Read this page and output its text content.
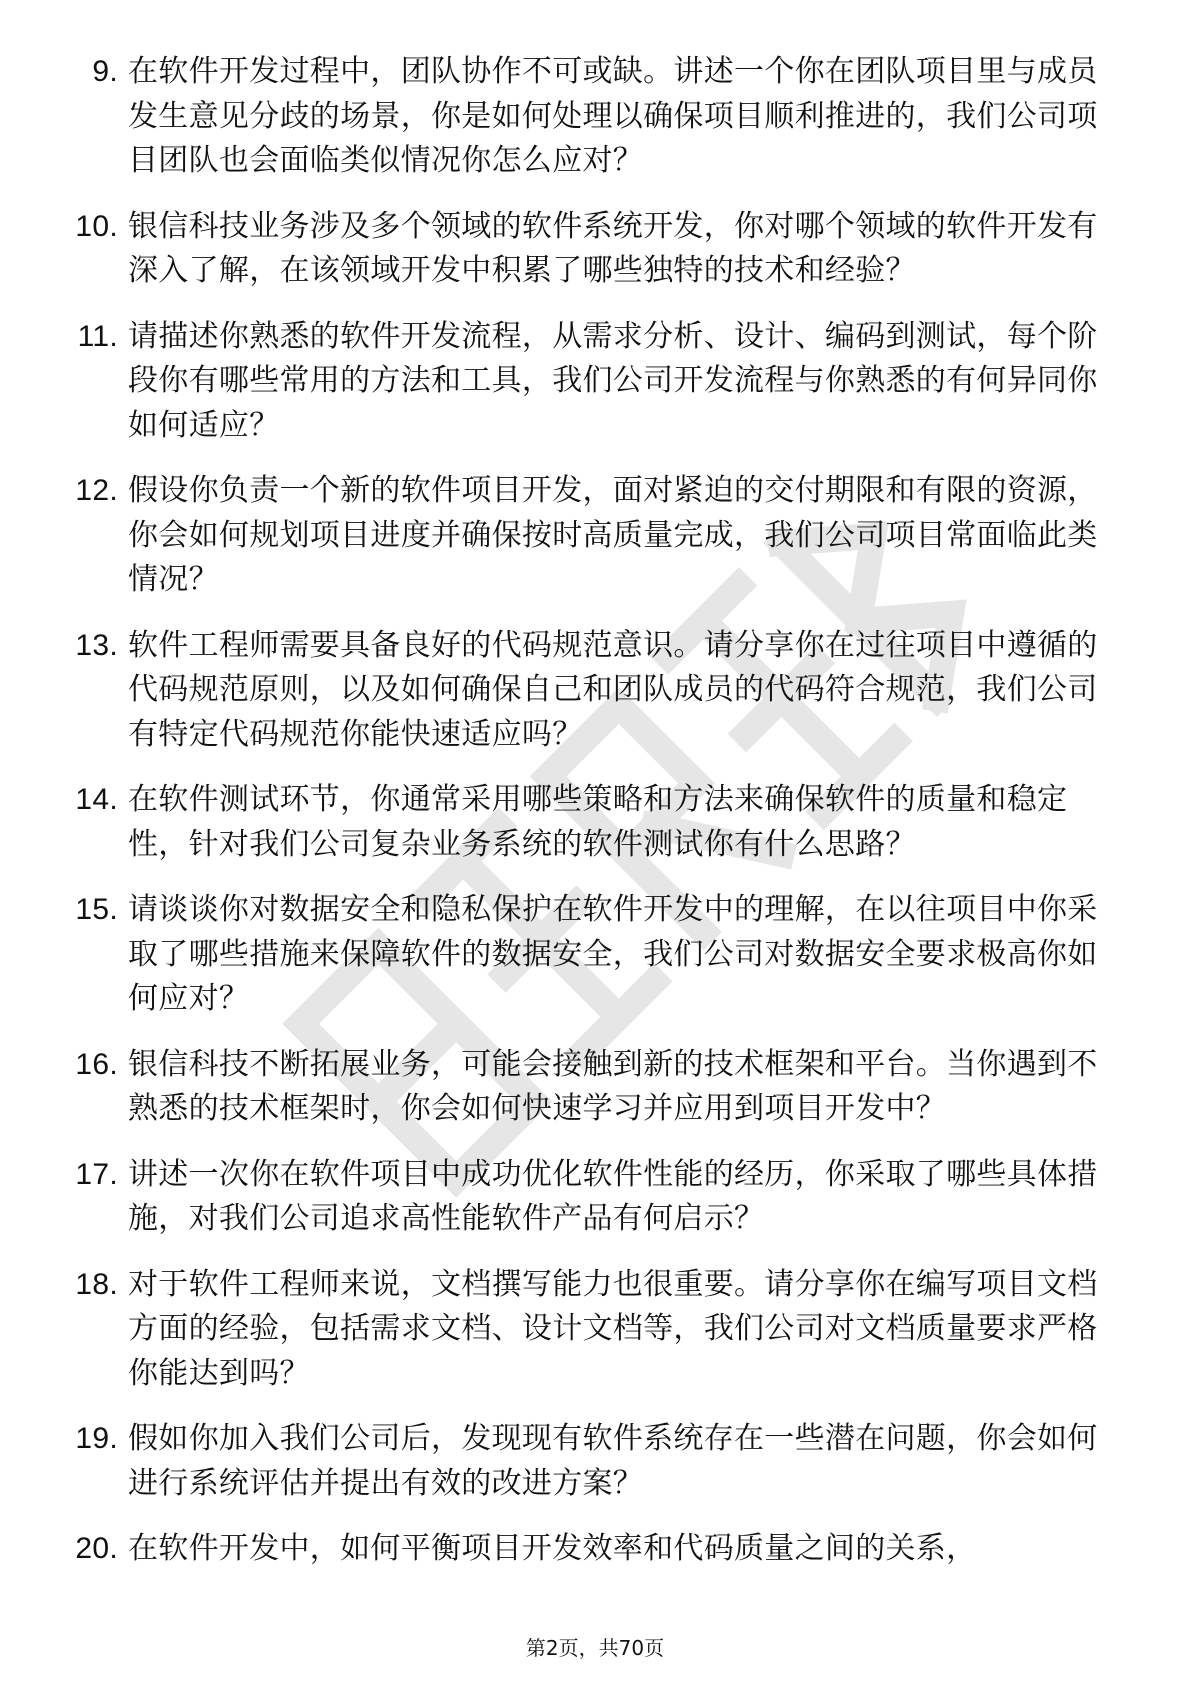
9. 在软件开发过程中，团队协作不可或缺。讲述一个你在团队项目里与成员发生意见分歧的场景，你是如何处理以确保项目顺利推进的，我们公司项目团队也会面临类似情况你怎么应对？
10. 银信科技业务涉及多个领域的软件系统开发，你对哪个领域的软件开发有深入了解，在该领域开发中积累了哪些独特的技术和经验？
11. 请描述你熟悉的软件开发流程，从需求分析、设计、编码到测试，每个阶段你有哪些常用的方法和工具，我们公司开发流程与你熟悉的有何异同你如何适应？
12. 假设你负责一个新的软件项目开发，面对紧迫的交付期限和有限的资源，你会如何规划项目进度并确保按时高质量完成，我们公司项目常面临此类情况？
13. 软件工程师需要具备良好的代码规范意识。请分享你在过往项目中遵循的代码规范原则，以及如何确保自己和团队成员的代码符合规范，我们公司有特定代码规范你能快速适应吗？
14. 在软件测试环节，你通常采用哪些策略和方法来确保软件的质量和稳定性，针对我们公司复杂业务系统的软件测试你有什么思路？
15. 请谈谈你对数据安全和隐私保护在软件开发中的理解，在以往项目中你采取了哪些措施来保障软件的数据安全，我们公司对数据安全要求极高你如何应对？
16. 银信科技不断拓展业务，可能会接触到新的技术框架和平台。当你遇到不熟悉的技术框架时，你会如何快速学习并应用到项目开发中？
17. 讲述一次你在软件项目中成功优化软件性能的经历，你采取了哪些具体措施，对我们公司追求高性能软件产品有何启示？
18. 对于软件工程师来说，文档撰写能力也很重要。请分享你在编写项目文档方面的经验，包括需求文档、设计文档等，我们公司对文档质量要求严格你能达到吗？
19. 假如你加入我们公司后，发现现有软件系统存在一些潜在问题，你会如何进行系统评估并提出有效的改进方案？
20. 在软件开发中，如何平衡项目开发效率和代码质量之间的关系，
第2页，共70页
